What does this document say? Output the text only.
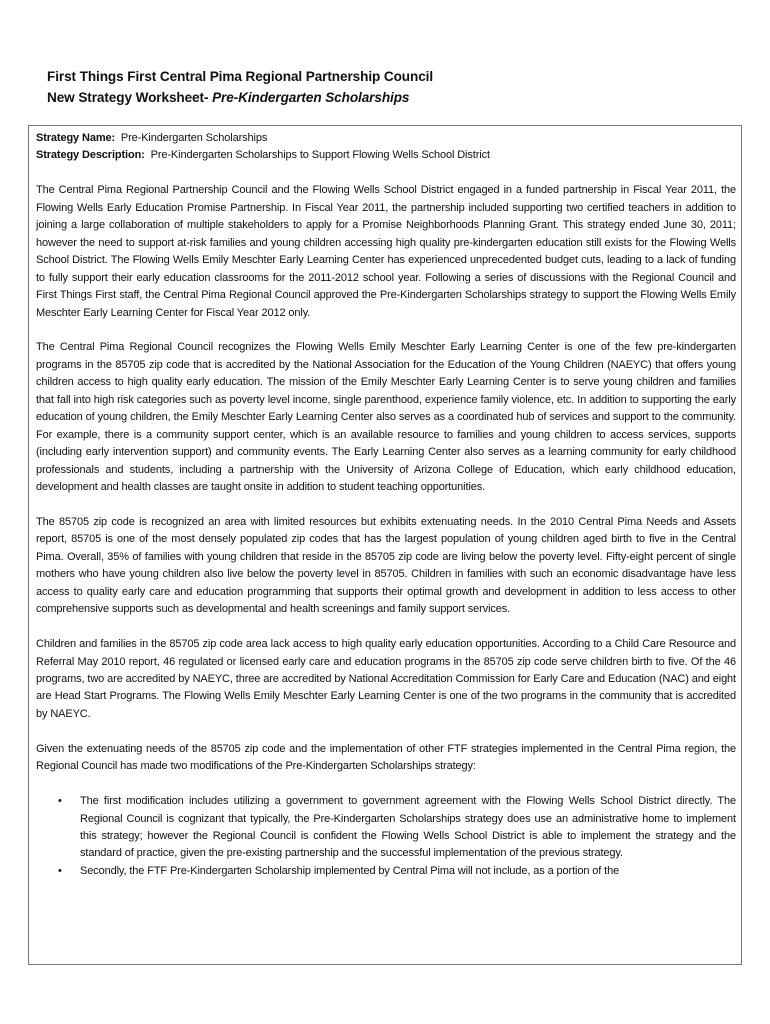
First Things First Central Pima Regional Partnership Council
New Strategy Worksheet- Pre-Kindergarten Scholarships
Strategy Name: Pre-Kindergarten Scholarships
Strategy Description: Pre-Kindergarten Scholarships to Support Flowing Wells School District

The Central Pima Regional Partnership Council and the Flowing Wells School District engaged in a funded partnership in Fiscal Year 2011, the Flowing Wells Early Education Promise Partnership. In Fiscal Year 2011, the partnership included supporting two certified teachers in addition to joining a large collaboration of multiple stakeholders to apply for a Promise Neighborhoods Planning Grant. This strategy ended June 30, 2011; however the need to support at-risk families and young children accessing high quality pre-kindergarten education still exists for the Flowing Wells School District. The Flowing Wells Emily Meschter Early Learning Center has experienced unprecedented budget cuts, leading to a lack of funding to fully support their early education classrooms for the 2011-2012 school year. Following a series of discussions with the Regional Council and First Things First staff, the Central Pima Regional Council approved the Pre-Kindergarten Scholarships strategy to support the Flowing Wells Emily Meschter Early Learning Center for Fiscal Year 2012 only.

The Central Pima Regional Council recognizes the Flowing Wells Emily Meschter Early Learning Center is one of the few pre-kindergarten programs in the 85705 zip code that is accredited by the National Association for the Education of the Young Children (NAEYC) that offers young children access to high quality early education. The mission of the Emily Meschter Early Learning Center is to serve young children and families that fall into high risk categories such as poverty level income, single parenthood, experience family violence, etc. In addition to supporting the early education of young children, the Emily Meschter Early Learning Center also serves as a coordinated hub of services and support to the community. For example, there is a community support center, which is an available resource to families and young children to access services, supports (including early intervention support) and community events. The Early Learning Center also serves as a learning community for early childhood professionals and students, including a partnership with the University of Arizona College of Education, which early childhood education, development and health classes are taught onsite in addition to student teaching opportunities.

The 85705 zip code is recognized an area with limited resources but exhibits extenuating needs. In the 2010 Central Pima Needs and Assets report, 85705 is one of the most densely populated zip codes that has the largest population of young children aged birth to five in the Central Pima. Overall, 35% of families with young children that reside in the 85705 zip code are living below the poverty level. Fifty-eight percent of single mothers who have young children also live below the poverty level in 85705. Children in families with such an economic disadvantage have less access to quality early care and education programming that supports their optimal growth and development in addition to less access to other comprehensive supports such as developmental and health screenings and family support services.

Children and families in the 85705 zip code area lack access to high quality early education opportunities. According to a Child Care Resource and Referral May 2010 report, 46 regulated or licensed early care and education programs in the 85705 zip code serve children birth to five. Of the 46 programs, two are accredited by NAEYC, three are accredited by National Accreditation Commission for Early Care and Education (NAC) and eight are Head Start Programs. The Flowing Wells Emily Meschter Early Learning Center is one of the two programs in the community that is accredited by NAEYC.

Given the extenuating needs of the 85705 zip code and the implementation of other FTF strategies implemented in the Central Pima region, the Regional Council has made two modifications of the Pre-Kindergarten Scholarships strategy:

• The first modification includes utilizing a government to government agreement with the Flowing Wells School District directly. The Regional Council is cognizant that typically, the Pre-Kindergarten Scholarships strategy does use an administrative home to implement this strategy; however the Regional Council is confident the Flowing Wells School District is able to implement the strategy and the standard of practice, given the pre-existing partnership and the successful implementation of the previous strategy.
• Secondly, the FTF Pre-Kindergarten Scholarship implemented by Central Pima will not include, as a portion of the
